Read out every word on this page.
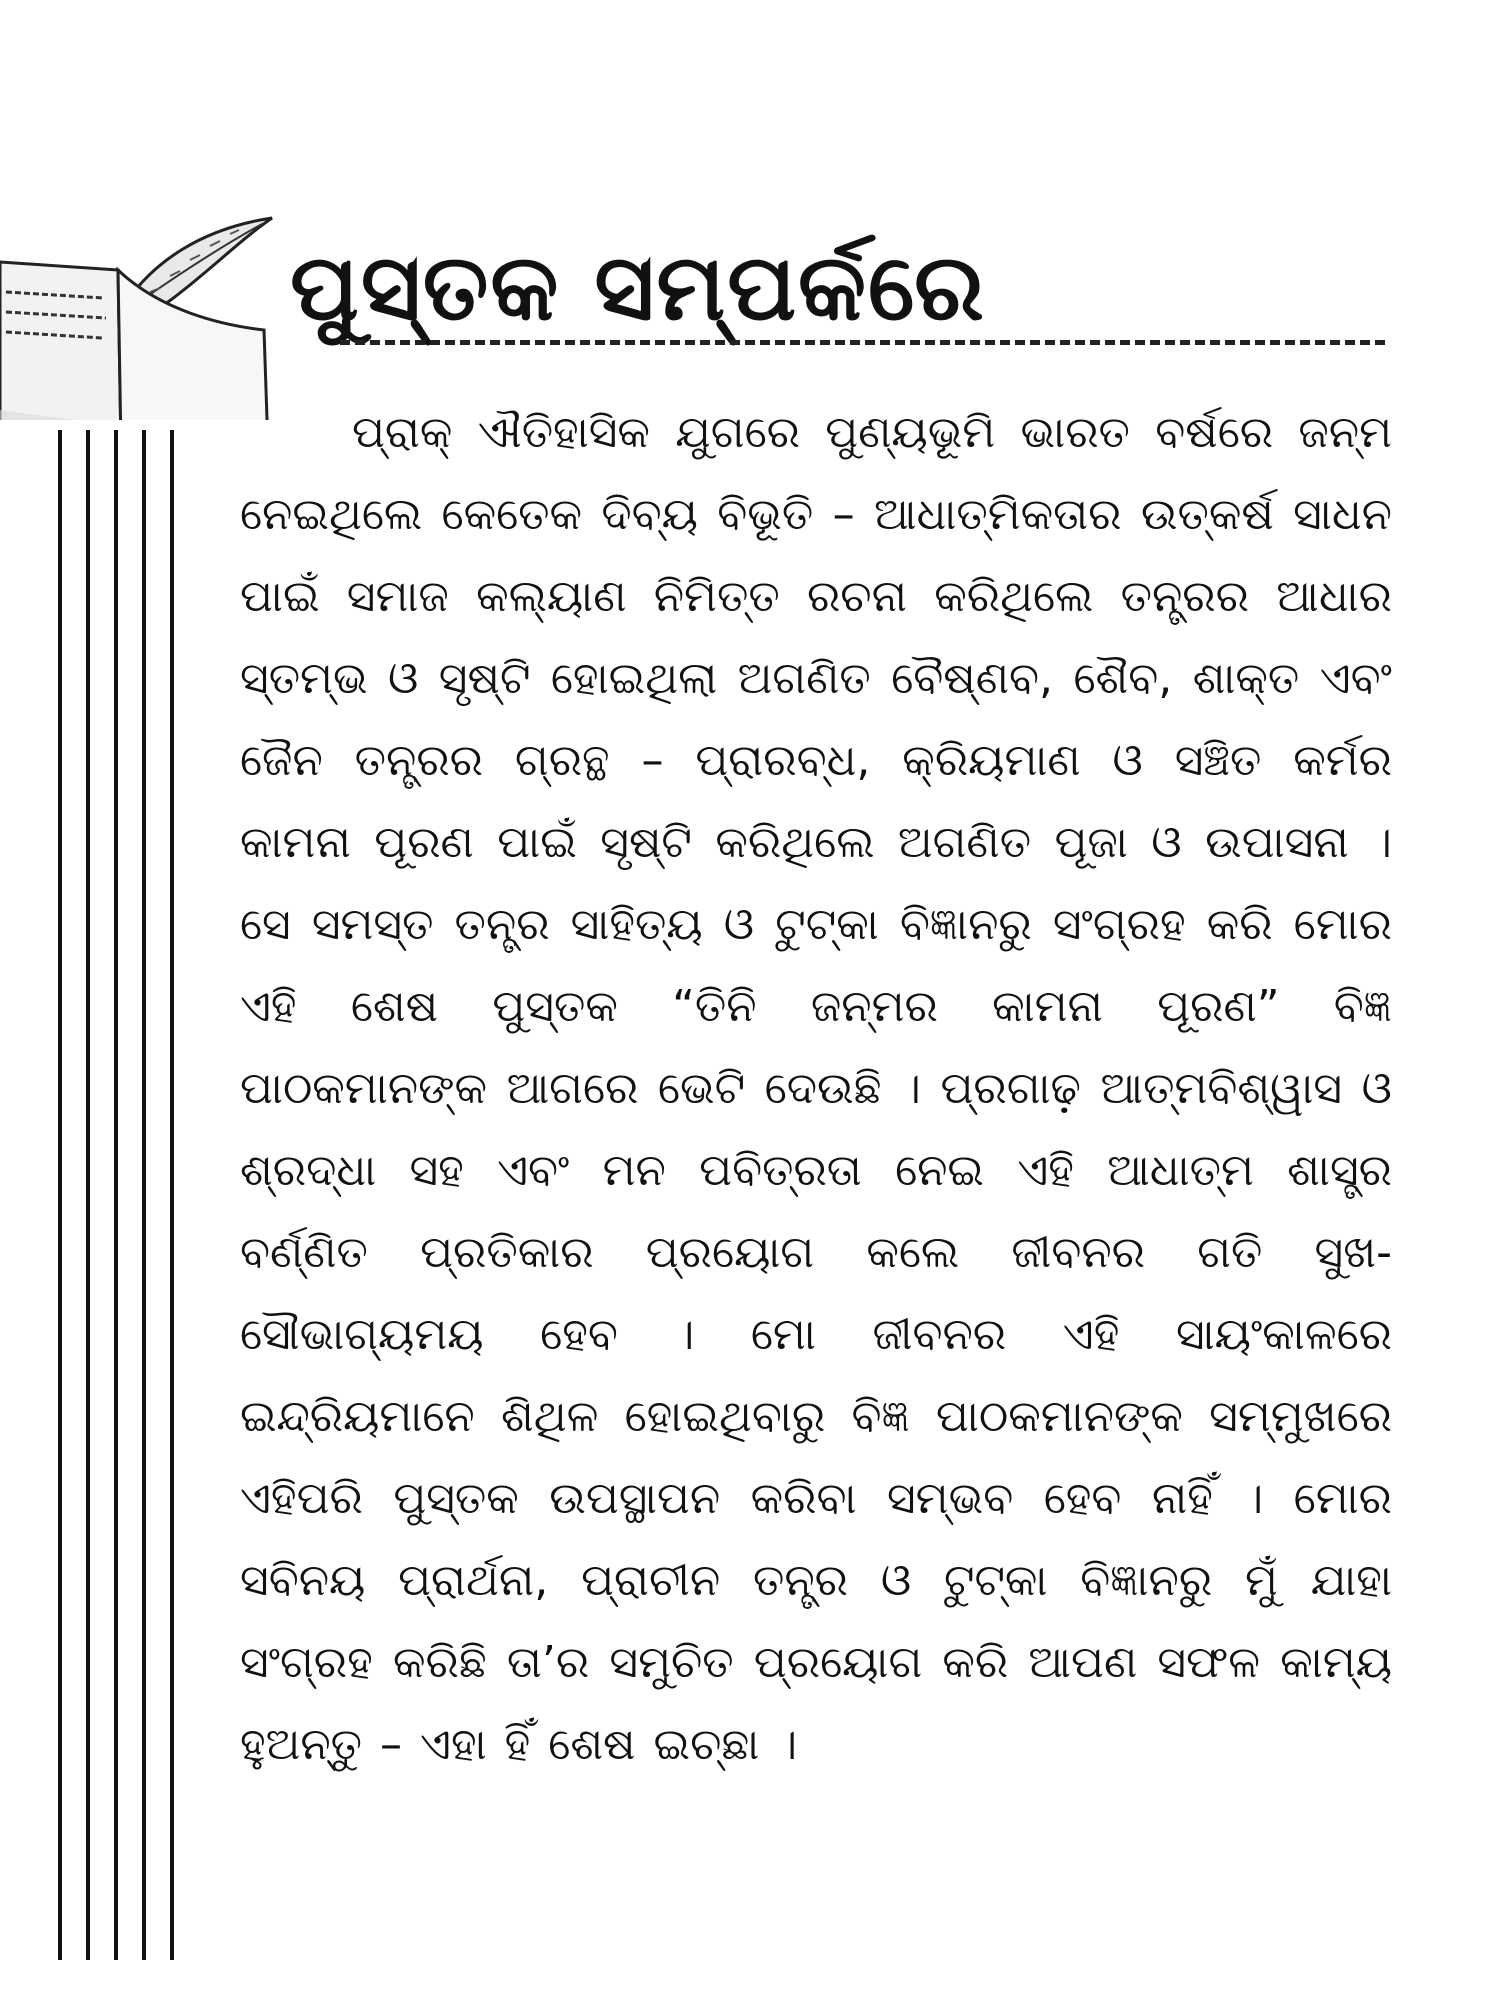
ପୁସ୍ତକ ସମ୍ପର୍କରେ

ପ୍ରାକ୍ ଐତିହାସିକ ଯୁଗରେ ପୁଣ୍ୟଭୂମି ଭାରତ ବର୍ଷରେ ଜନ୍ମ ନେଇଥିଲେ କେତେକ ଦିବ୍ୟ ବିଭୂତି – ଆଧାତ୍ମିକତାର ଉତ୍କର୍ଷ ସାଧନ ପାଇଁ ସମାଜ କଲ୍ୟାଣ ନିମିତ୍ତ ରଚନା କରିଥିଲେ ତନ୍ତ୍ରର ଆଧାର ସ୍ତମ୍ଭ ଓ ସୃଷ୍ଟି ହୋଇଥିଲା ଅଗଣିତ ବୈଷ୍ଣବ, ଶୈବ, ଶାକ୍ତ ଏବଂ ଜୈନ ତନ୍ତ୍ରର ଗ୍ରନ୍ଥ – ପ୍ରାରବ୍ଧ, କ୍ରିୟମାଣ ଓ ସଞ୍ଚିତ କର୍ମର କାମନା ପୂରଣ ପାଇଁ ସୃଷ୍ଟି କରିଥିଲେ ଅଗଣିତ ପୂଜା ଓ ଉପାସନା । ସେ ସମସ୍ତ ତନ୍ତ୍ର ସାହିତ୍ୟ ଓ ଟୁଟ୍‌କା ବିଜ୍ଞାନରୁ ସଂଗ୍ରହ କରି ମୋର ଏହି ଶେଷ ପୁସ୍ତକ “ତିନି ଜନ୍ମର କାମନା ପୂରଣ” ବିଜ୍ଞ ପାଠକମାନଙ୍କ ଆଗରେ ଭେଟି ଦେଉଛି । ପ୍ରଗାଢ଼ ଆତ୍ମବିଶ୍ୱାସ ଓ ଶ୍ରଦ୍ଧା ସହ ଏବଂ ମନ ପବିତ୍ରତା ନେଇ ଏହି ଆଧାତ୍ମ ଶାସ୍ତ୍ର ବର୍ଣ୍ଣିତ ପ୍ରତିକାର ପ୍ରୟୋଗ କଲେ ଜୀବନର ଗତି ସୁଖ-ସୌଭାଗ୍ୟମୟ ହେବ । ମୋ ଜୀବନର ଏହି ସାୟଂକାଳରେ ଇନ୍ଦ୍ରିୟମାନେ ଶିଥିଳ ହୋଇଥିବାରୁ ବିଜ୍ଞ ପାଠକମାନଙ୍କ ସମ୍ମୁଖରେ ଏହିପରି ପୁସ୍ତକ ଉପସ୍ଥାପନ କରିବା ସମ୍ଭବ ହେବ ନାହିଁ । ମୋର ସବିନୟ ପ୍ରାର୍ଥନା, ପ୍ରାଚୀନ ତନ୍ତ୍ର ଓ ଟୁଟ୍‌କା ବିଜ୍ଞାନରୁ ମୁଁ ଯାହା ସଂଗ୍ରହ କରିଛି ତା’ର ସମୁଚିତ ପ୍ରୟୋଗ କରି ଆପଣ ସଫଳ କାମ୍ୟ ହୁଅନ୍ତୁ – ଏହା ହିଁ ଶେଷ ଇଚ୍ଛା ।
